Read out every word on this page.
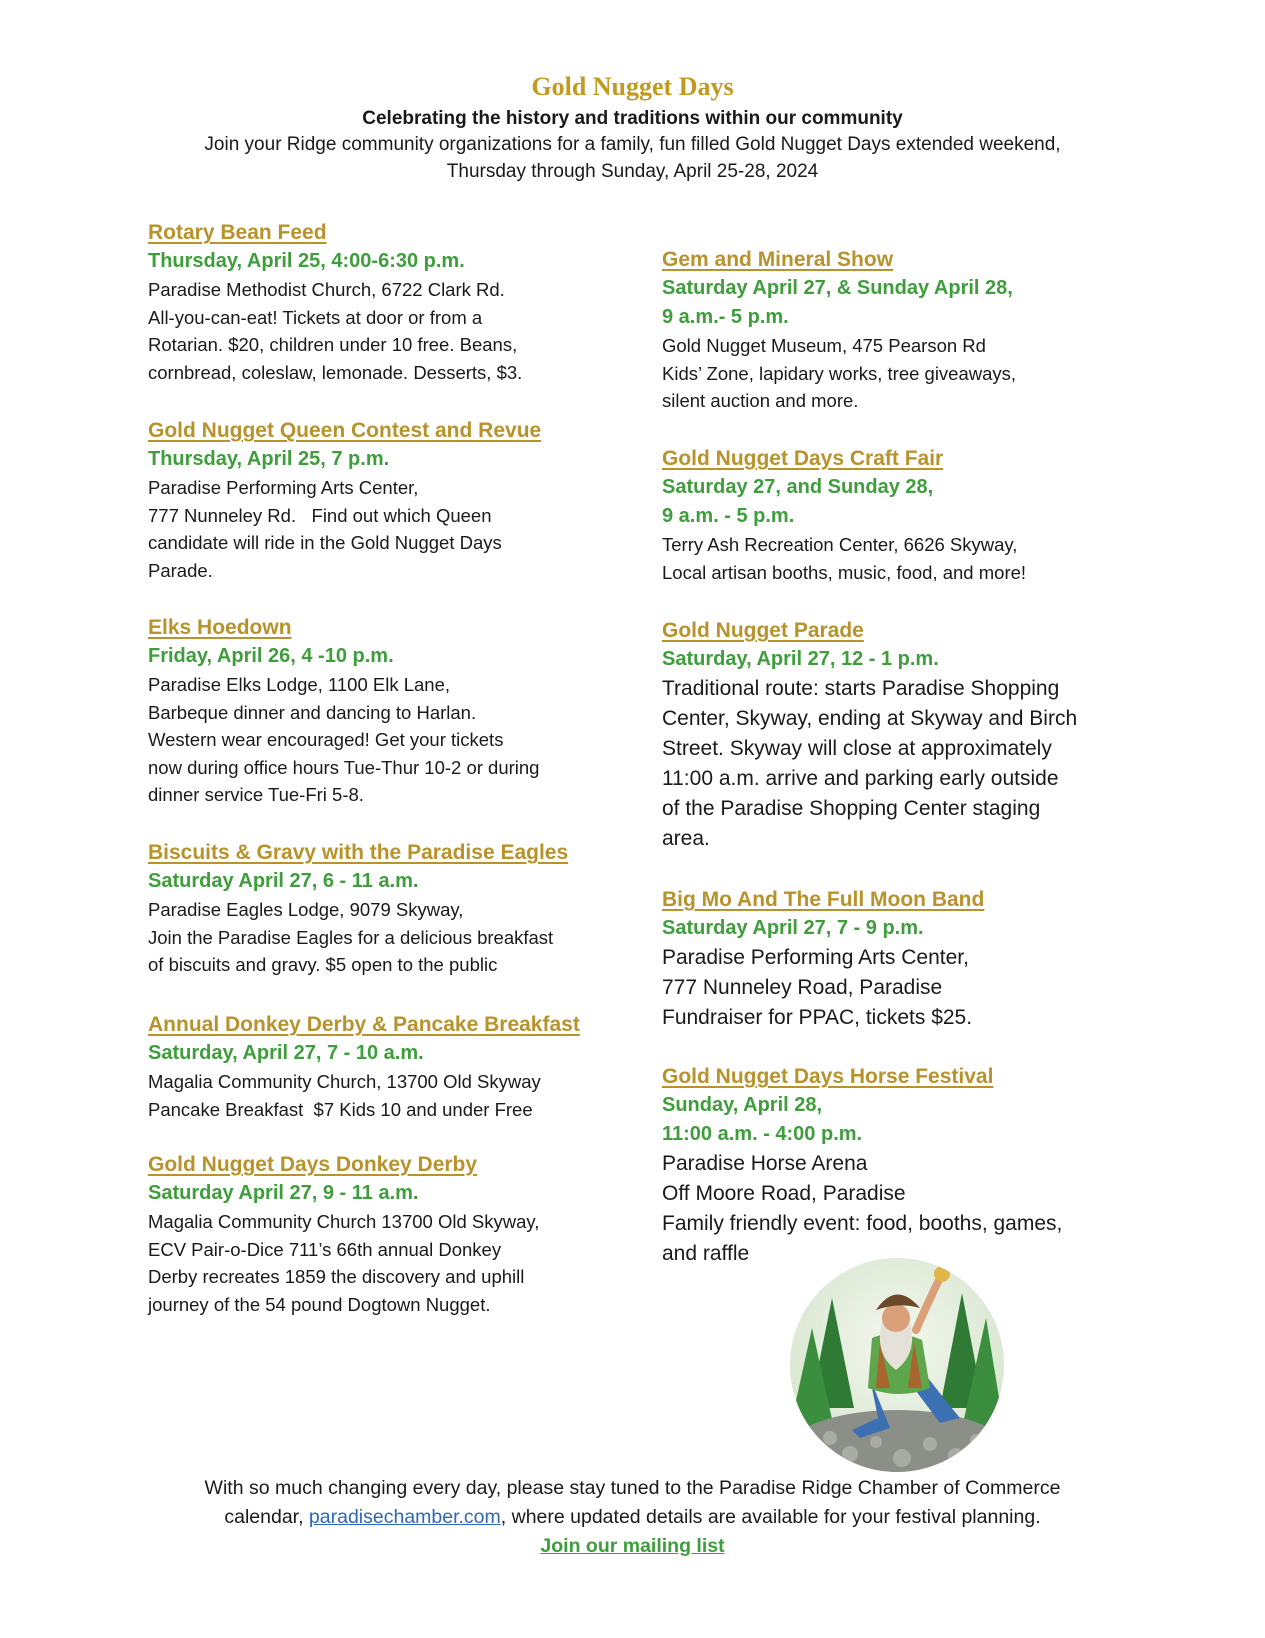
Gold Nugget Days
Celebrating the history and traditions within our community
Join your Ridge community organizations for a family, fun filled Gold Nugget Days extended weekend,
Thursday through Sunday, April 25-28, 2024
Rotary Bean Feed
Thursday, April 25, 4:00-6:30 p.m.
Paradise Methodist Church, 6722 Clark Rd.
All-you-can-eat! Tickets at door or from a
Rotarian. $20, children under 10 free. Beans,
cornbread, coleslaw, lemonade. Desserts, $3.
Gold Nugget Queen Contest and Revue
Thursday, April 25, 7 p.m.
Paradise Performing Arts Center,
777 Nunneley Rd.   Find out which Queen
candidate will ride in the Gold Nugget Days
Parade.
Elks Hoedown
Friday, April 26, 4 -10 p.m.
Paradise Elks Lodge, 1100 Elk Lane,
Barbeque dinner and dancing to Harlan.
Western wear encouraged! Get your tickets
now during office hours Tue-Thur 10-2 or during
dinner service Tue-Fri 5-8.
Biscuits & Gravy with the Paradise Eagles
Saturday April 27, 6 - 11 a.m.
Paradise Eagles Lodge, 9079 Skyway,
Join the Paradise Eagles for a delicious breakfast
of biscuits and gravy. $5 open to the public
Annual Donkey Derby & Pancake Breakfast
Saturday, April 27, 7 - 10 a.m.
Magalia Community Church, 13700 Old Skyway
Pancake Breakfast  $7 Kids 10 and under Free
Gold Nugget Days Donkey Derby
Saturday April 27, 9 - 11 a.m.
Magalia Community Church 13700 Old Skyway,
ECV Pair-o-Dice 711’s 66th annual Donkey
Derby recreates 1859 the discovery and uphill
journey of the 54 pound Dogtown Nugget.
Gem and Mineral Show
Saturday April 27, & Sunday April 28,
9 a.m.- 5 p.m.
Gold Nugget Museum, 475 Pearson Rd
Kids’ Zone, lapidary works, tree giveaways,
silent auction and more.
Gold Nugget Days Craft Fair
Saturday 27, and Sunday 28,
9 a.m. - 5 p.m.
Terry Ash Recreation Center, 6626 Skyway,
Local artisan booths, music, food, and more!
Gold Nugget Parade
Saturday, April 27, 12 - 1 p.m.
Traditional route: starts Paradise Shopping
Center, Skyway, ending at Skyway and Birch
Street. Skyway will close at approximately
11:00 a.m. arrive and parking early outside
of the Paradise Shopping Center staging
area.
Big Mo And The Full Moon Band
Saturday April 27, 7 - 9 p.m.
Paradise Performing Arts Center,
777 Nunneley Road, Paradise
Fundraiser for PPAC, tickets $25.
Gold Nugget Days Horse Festival
Sunday, April 28,
11:00 a.m. - 4:00 p.m.
Paradise Horse Arena
Off Moore Road, Paradise
Family friendly event: food, booths, games,
and raffle
With so much changing every day, please stay tuned to the Paradise Ridge Chamber of Commerce
calendar, paradisechamber.com, where updated details are available for your festival planning.
Join our mailing list
